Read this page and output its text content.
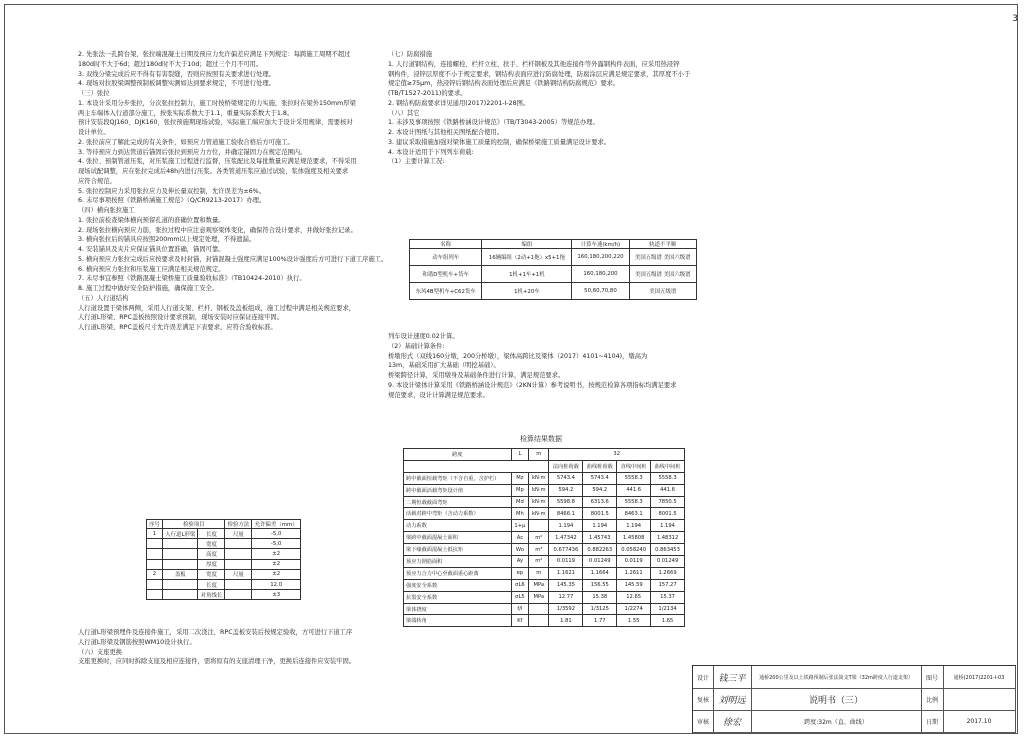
3

2. 先张法一孔跨台架，张拉端混凝土日期及预应力允许偏差应满足下列规定：每跨施工周期不超过

180d时不大于6d；超过180d时不大于10d；超过三个月不可用。

3. 双线分梁完成后应不得有有害裂缝，否则应按照有关要求进行处理。

4. 现场对拉胶梁调整预制板调整实测如达到要求规定，不可进行处理。

（三）张拉

1. 本设计采用分步张拉，分次张拉控制力，施工时按桥梁规定的力实施，张拉时在梁外150mm厚梁

两主车端体入行道部分施工，按张实际系数大于1.1，重量实际系数大于1.8。

预计安装段QJ160、DJK160，张拉预施期现场试验，实际施工端应加大于设计采用规律，需要核对

设计单位。

2. 张拉前应了解此完成的有关条件，如预应力管道施工验收合格后方可施工。

3. 等待预应力到达管道后锚固后张拉到预应力方位，并确定锚固力在规定范围内。

4. 张拉、预制管道压浆，对压浆施工过程进行监督，压浆配比及每批数量应满足规范要求，不得采用

现场试配调整，应在张拉完成后48h内进行压浆。各类管道压浆应通过试验，浆体强度及相关要求

应符合规范。

5. 张拉控制应力采用张拉应力及伸长量双控制，允许误差为±6%。

6. 未尽事项按照《铁路桥涵施工规范》（Q/CR9213-2017）办理。

（四）横向张拉施工

1. 张拉前检查梁体横向预留孔道的准确位置和数量。

2. 现场张拉横向预应力筋，张拉过程中应注意观察梁体变化，确保符合设计要求，并做好张拉记录。

3. 横向张拉后的锚具应按照200mm以上规定处理，不得遗漏。

4. 安装锚具及夹片应保证锚具位置准确，锚固可靠。

5. 横向预应力张拉完成后应按要求及时封锚，封锚混凝土强度应满足100%设计强度后方可进行下道工序施工。

6. 横向预应力张拉和压浆施工应满足相关规范规定。

7. 未尽事宜参照《铁路混凝土梁桥施工质量验收标准》（TB10424-2010）执行。

8. 施工过程中做好安全防护措施，确保施工安全。

（五）人行道结构

人行道设置于梁体两侧，采用人行道支架、栏杆、钢板及盖板组成，施工过程中满足相关规范要求，

人行道L形梁、RPC盖板按照设计要求预制，现场安装时应保证连接牢固。

人行道L形梁、RPC盖板尺寸允许误差满足下表要求，应符合验收标准。

序号	检验项目		检验方法	允许偏差（mm）
1	人行道L形梁	长度	尺量	-5,0
		宽度		-5,0
		高度		±2
		厚度		±2
2	盖板	宽度	尺量	±2
		长度		12.0
		对角线长		±3

人行道L形梁预埋件及连接件施工，采用二次浇注，RPC盖板安装后按规定验收，方可进行下道工序

人行道L形梁及钢筋按照WM10设计执行。

（六）支座更换

支座更换时，应同时拆除支座及相应连接件，需将原有的支座清理干净，更换后连接件应安装牢固。

（七）防腐措施

1. 人行道钢结构，连接螺栓、栏杆立柱、扶手、栏杆钢板及其他连接件等外露钢构件表面，应采用热浸锌

钢构件，浸锌层厚度不小于规定要求，钢结构表面应进行防腐处理，防腐涂层应满足规定要求，其厚度不小于

规定值≥75μm，热浸锌后钢结构表面处理后应满足《铁路钢结构防腐规范》要求。

(TB/T1527-2011)的要求。

2. 钢结构防腐要求详见通用(2017)2201-Ⅰ-28图。

（八）其它

1. 未涉及事项按照《铁路桥涵设计规范》（TB/T3043-2005）等规范办理。

2. 本设计图纸与其他相关图纸配合使用。

3. 建议采取措施加强对梁体施工质量的控制，确保桥梁施工质量满足设计要求。

4. 本设计适用于下列列车荷载:

（1）主要计算工况:

名称	编组	计算车速(km/h)	轨道不平顺
动车组列车	16辆编组（2动+1拖）x5+1拖	160,180,200,220	美国五级谱 美国六级谱
和谐D型机车+货车	1机+1车+1机	160,180,200	美国五级谱 美国六级谱
东风4B型机车+C62货车	1机+20车	50,60,70,80	美国五级谱

列车设计速度0.02计算。

（2）基础计算条件:

桥墩形式（双线160分墩，200分桥墩），梁体高跨比及梁体（2017）4101~4104)，墩高为

13m，基础采用扩大基础（明挖基础）。

桥梁跨径计算，采用墩身及基础条件进行计算，满足规范要求。

9. 本设计梁体计算采用《铁路桥涵设计规范》（2KN计算）参考说明书，按规范检算各项指标均满足要求

规范要求，设计计算满足规范要求。

检算结果数据
跨度	L	m	32			
			法向桩荷载	曲线桩荷载	直线中间桩	曲线中间桩
跨中截面恒载弯矩（不含自重，含护栏）	Mz	kN·m	5743.4	5743.4	5558.3	5558.3
跨中截面活载弯矩设计值	Mp	kN·m	594.2	594.2	441.6	441.6
二期恒载截面弯矩	Md	kN·m	5598.8	6313.6	5558.3	7850.5
活载对跨中弯矩（含动力系数）	Mh	kN·m	8466.1	8001.5	8463.1	8001.5
动力系数	1+μ		1.194	1.194	1.194	1.194
梁跨中截面混凝土面积	Ac	m²	1.47342	1.45743	1.45808	1.48312
梁下缘截面混凝土抵抗矩	Wo	m³	0.677436	0.882263	0.058240	0.863453
预应力钢筋面积	Ay	m²	0.0119	0.01249	0.0119	0.01249
预应力合力中心至截面重心距离	ep	m	1.1621	1.1664	1.2611	1.2669
强度安全系数	σL6	MPa	145.35	156.55	145.59	157.27
抗裂安全系数	σL5	MPa	12.77	15.38	12.65	15.37
梁体挠度	f/l		1/3592	1/3125	1/2274	1/2134
梁端转角	Kf		1.81	1.77	1.55	1.65
设计	钱三平	通桥200公里及以上铁路预制后张法简支T梁（32m跨度人行道支架）	图号	通桥(2017)2201-Ⅰ-03
复核	刘明远	说明书（三）	比例
审核	徐宏	跨度:32m（直、曲线）	日期	2017.10
